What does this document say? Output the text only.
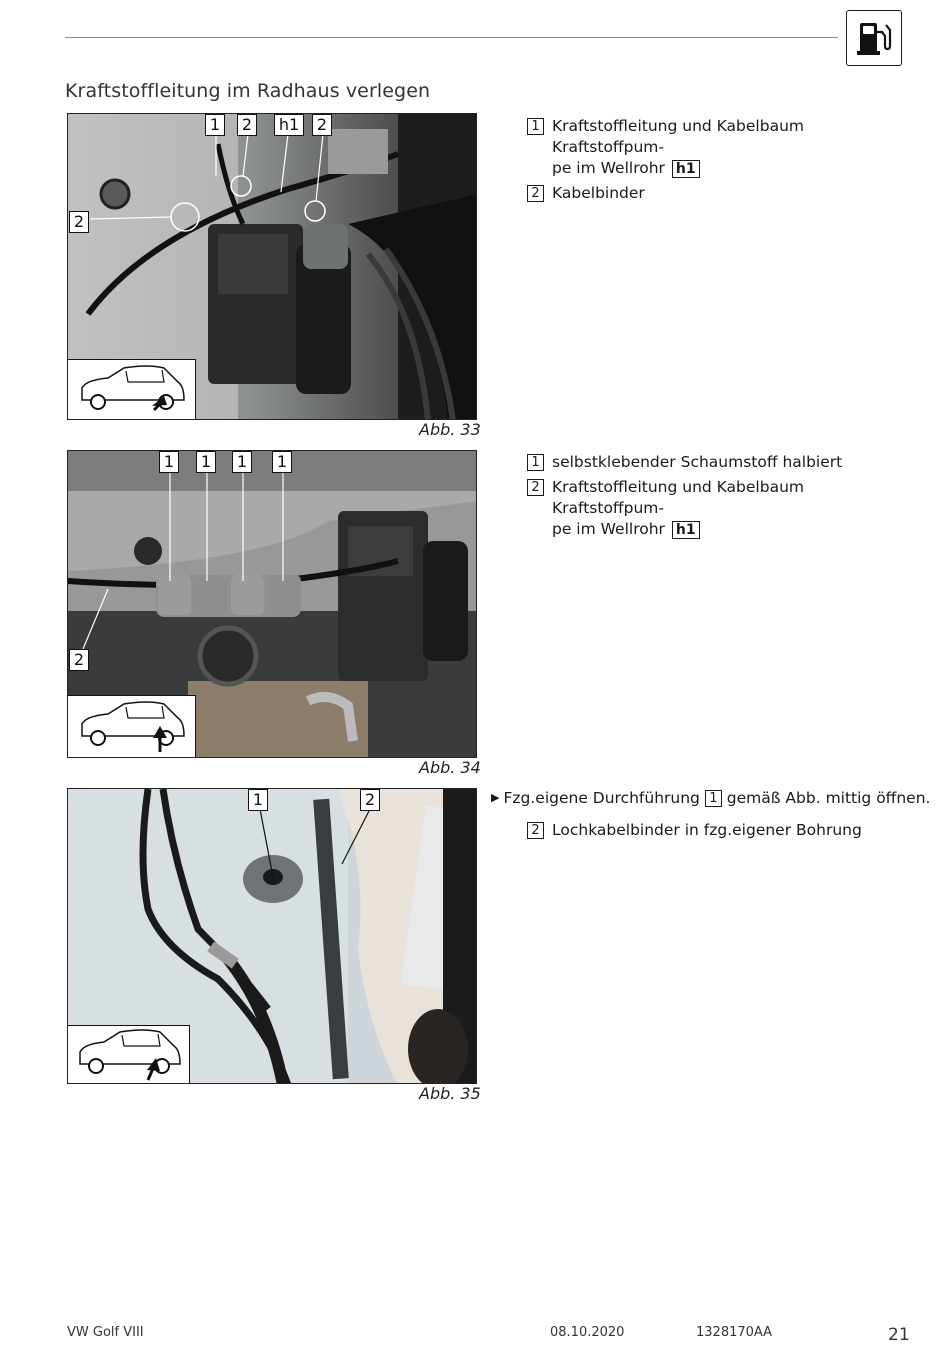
Kraftstoffleitung im Radhaus verlegen
1	2	h1	2
2
Abb. 33
1 Kraftstoffleitung und Kabelbaum Kraftstoffpum-
pe im Wellrohr h1
2 Kabelbinder
1	1	1	1
2
Abb. 34
1 selbstklebender Schaumstoff halbiert
2 Kraftstoffleitung und Kabelbaum Kraftstoffpum-
pe im Wellrohr h1
1	2
Abb. 35
▶ Fzg.eigene Durchführung 1 gemäß Abb. mittig öffnen.
2 Lochkabelbinder in fzg.eigener Bohrung
VW Golf VIII	08.10.2020	1328170AA	21
